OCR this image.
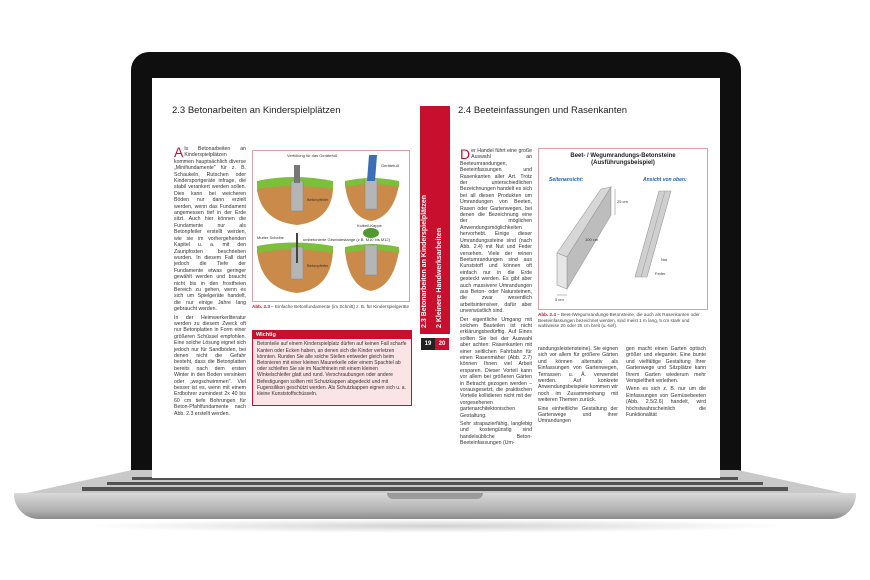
2.3 Betonarbeiten an Kinderspielplätzen

Als Betonarbeiten an Kinderspielplätzen kommen hauptsächlich diverse „Miniﬁundamente" für z. B. Schaukeln, Rutschen oder Kindersportgeräte infrage, die stabil verankert werden sollen. Dies kann bei weicheren Böden nur dann erzielt werden, wenn das Fundament angemessen tief in der Erde sitzt. Auch hier können die Fundamente nur als Betonpfeiler erstellt werden, wie sie im vorhergehenden Kapitel u. a. mit den Zaunpfosten beschrieben wurden. In diesem Fall darf jedoch die Tiefe der Fundamente etwas geringer gewählt werden und braucht nicht bis in den frostfreien Bereich zu gehen, wenn es sich um Spielgeräte handelt, die nur einige Jahre lang gebraucht werden.

In der Heimwerkerliteratur werden zu diesem Zweck oft nur Betonplatten in Form einer größeren Schüssel empfohlen. Eine solche Lösung eignet sich jedoch nur für Sandböden, bei denen nicht die Gefahr besteht, dass die Betonplatten bereits nach dem ersten Winter in den Boden versinken oder „wegschwimmen". Viel besser ist es, wenn mit einem Erdbohrer zumindest 2x 40 bis 60 cm tiefe Bohrungen für Beton-Pfahlfundamente nach Abb. 2.3 erstellt werden.

Verfüllung für das Gerätefuß
Gerätefuß
Betonpfeiler
Mutter Scheibe	umbetonierte Gewindestange (z.B. M10 bis M12)
Kolbeil-Kappe
Betonpfeiler
Abb. 2.3 – Einfache Betonfundamente (im Schnitt) z. B. für Kinderspielgeräte
Wichtig
Betonteile auf einem Kinderspielplatz dürfen auf keinen Fall scharfe Kanten oder Ecken haben, an denen sich die Kinder verletzen könnten. Runden Sie alle solche Stellen entweder gleich beim Betonieren mit einer kleinen Maurerkelle oder einem Spachtel ab oder schleifen Sie sie im Nachhinein mit einem kleinen Winkelschleifer glatt und rund. Verschraubungen oder andere Befestigungen sollten mit Schutzkappen abgedeckt und mit Fugensilikon geschützt werden. Als Schutzkappen eignen sich u. a. kleine Kunststoffschüsseln.
2.3 Betonarbeiten an Kinderspielplätzen 2 Kleinere Handwerksarbeiten
19	20
2.4 Beeteinfassungen und Rasenkanten

Der Handel führt eine große Auswahl an Beeteumrandungen, Beeteinfassungen und Rasenkanten aller Art. Trotz der unterschiedlichen Bezeichnungen handelt es sich bei all diesen Produkten um Umrandungen von Beeten, Rasen oder Gartenwegen, bei denen die Bezeichnung eine der möglichen Anwendungsmöglichkeiten hervorhebt. Einige dieser Umrandungssteine sind (nach Abb. 2.4) mit Nut und Feder versehen. Viele der reinen Beetumrandungen sind aus Kunststoff und können oft einfach nur in die Erde gesteckt werden. Es gibt aber auch massivere Umrandungen aus Beton- oder Natursteinen, die zwar wesentlich arbeitsintensiver, dafür aber unverwüstlich sind.

Der eigentliche Umgang mit solchen Bauteilen ist nicht erklärungsbedürftig. Auf Eines sollten Sie bei der Auswahl aber achten: Rasenkanten mit einer seitlichen Fahrbahn für einen Rasenmäher (Abb. 2.7) können Ihnen viel Arbeit ersparen. Dieser Vorteil kann vor allem bei größeren Gärten in Betracht gezogen werden – vorausgesetzt, die praktischen Vorteile kollidieren nicht mit der vorgesehenen gartenarchitektonischen Gestaltung.

Sehr strapazierfähig, langlebig und kostengünstig sind handelsübliche Beton-Beeteinfassungen (Um-

Beet- / Wegumrandungs-Betonsteine
(Ausführungsbeispiel)
Seitenansicht:	Ansicht von oben:
25 cm
100 cm
5 cm
Nut
Feder
Abb. 2.4 – Beet-/Wegumrandungs-Betonsteine, die auch als Rasenkanten oder Beeteinfassungen bezeichnet werden, sind meist 1 m lang, 5 cm stark und wahlweise 20 oder 25 cm breit (u.-tief).

randungsleistensteine). Sie eignen sich vor allem für größere Gärten und können alternativ als Einfassungen von Gartenwegen, Terrassen u. Ä. verwendet werden. Auf konkrete Anwendungsbeispiele kommen wir noch im Zusammenhang mit weiteren Themen zurück.

Eine einheitliche Gestaltung der Gartenwege und ihrer Umrandungen

gen macht einen Garten optisch größer und eleganter. Eine bunte und vielfältige Gestaltung Ihrer Gartenwege und Sitzplätze kann Ihrem Garten wiederum mehr Verspieltheit verleihen.

Wenn es sich z. B. nur um die Einfassungen von Gemüsebeeten (Abb. 2.5/2.6) handelt, wird höchstwahrscheinlich die Funktionalität
